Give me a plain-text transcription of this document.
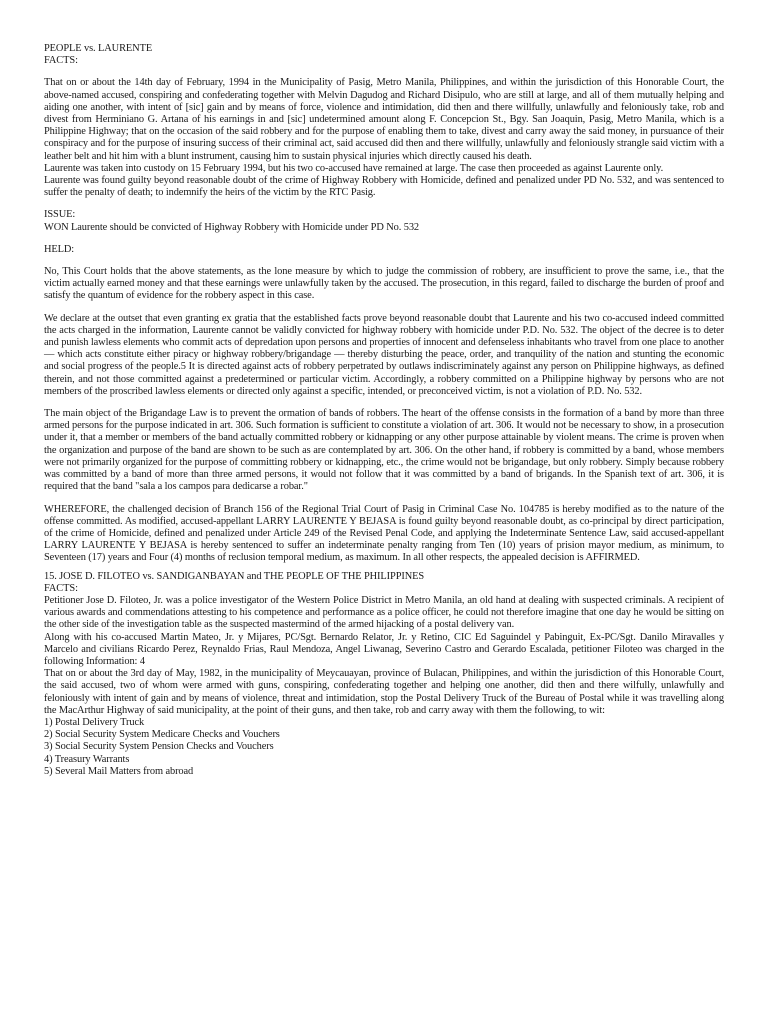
PEOPLE vs. LAURENTE
FACTS:
That on or about the 14th day of February, 1994 in the Municipality of Pasig, Metro Manila, Philippines, and within the jurisdiction of this Honorable Court, the above-named accused, conspiring and confederating together with Melvin Dagudog and Richard Disipulo, who are still at large, and all of them mutually helping and aiding one another, with intent of [sic] gain and by means of force, violence and intimidation, did then and there willfully, unlawfully and feloniously take, rob and divest from Herminiano G. Artana of his earnings in and [sic] undetermined amount along F. Concepcion St., Bgy. San Joaquin, Pasig, Metro Manila, which is a Philippine Highway; that on the occasion of the said robbery and for the purpose of enabling them to take, divest and carry away the said money, in pursuance of their conspiracy and for the purpose of insuring success of their criminal act, said accused did then and there willfully, unlawfully and feloniously strangle said victim with a leather belt and hit him with a blunt instrument, causing him to sustain physical injuries which directly caused his death.
Laurente was taken into custody on 15 February 1994, but his two co-accused have remained at large. The case then proceeded as against Laurente only.
Laurente was found guilty beyond reasonable doubt of the crime of Highway Robbery with Homicide, defined and penalized under PD No. 532, and was sentenced to suffer the penalty of death; to indemnify the heirs of the victim by the RTC Pasig.
ISSUE:
WON Laurente should be convicted of Highway Robbery with Homicide under PD No. 532
HELD:
No, This Court holds that the above statements, as the lone measure by which to judge the commission of robbery, are insufficient to prove the same, i.e., that the victim actually earned money and that these earnings were unlawfully taken by the accused. The prosecution, in this regard, failed to discharge the burden of proof and satisfy the quantum of evidence for the robbery aspect in this case.
We declare at the outset that even granting ex gratia that the established facts prove beyond reasonable doubt that Laurente and his two co-accused indeed committed the acts charged in the information, Laurente cannot be validly convicted for highway robbery with homicide under P.D. No. 532. The object of the decree is to deter and punish lawless elements who commit acts of depredation upon persons and properties of innocent and defenseless inhabitants who travel from one place to another — which acts constitute either piracy or highway robbery/brigandage — thereby disturbing the peace, order, and tranquility of the nation and stunting the economic and social progress of the people.5 It is directed against acts of robbery perpetrated by outlaws indiscriminately against any person on Philippine highways, as defined therein, and not those committed against a predetermined or particular victim. Accordingly, a robbery committed on a Philippine highway by persons who are not members of the proscribed lawless elements or directed only against a specific, intended, or preconceived victim, is not a violation of P.D. No. 532.
The main object of the Brigandage Law is to prevent the ormation of bands of robbers. The heart of the offense consists in the formation of a band by more than three armed persons for the purpose indicated in art. 306. Such formation is sufficient to constitute a violation of art. 306. It would not be necessary to show, in a prosecution under it, that a member or members of the band actually committed robbery or kidnapping or any other purpose attainable by violent means. The crime is proven when the organization and purpose of the band are shown to be such as are contemplated by art. 306. On the other hand, if robbery is committed by a band, whose members were not primarily organized for the purpose of committing robbery or kidnapping, etc., the crime would not be brigandage, but only robbery. Simply because robbery was committed by a band of more than three armed persons, it would not follow that it was committed by a band of brigands. In the Spanish text of art. 306, it is required that the band "sala a los campos para dedicarse a robar."
WHEREFORE, the challenged decision of Branch 156 of the Regional Trial Court of Pasig in Criminal Case No. 104785 is hereby modified as to the nature of the offense committed. As modified, accused-appellant LARRY LAURENTE Y BEJASA is found guilty beyond reasonable doubt, as co-principal by direct participation, of the crime of Homicide, defined and penalized under Article 249 of the Revised Penal Code, and applying the Indeterminate Sentence Law, said accused-appellant LARRY LAURENTE Y BEJASA is hereby sentenced to suffer an indeterminate penalty ranging from Ten (10) years of prision mayor medium, as minimum, to Seventeen (17) years and Four (4) months of reclusion temporal medium, as maximum. In all other respects, the appealed decision is AFFIRMED.
15. JOSE D. FILOTEO vs. SANDIGANBAYAN and THE PEOPLE OF THE PHILIPPINES
FACTS:
Petitioner Jose D. Filoteo, Jr. was a police investigator of the Western Police District in Metro Manila, an old hand at dealing with suspected criminals. A recipient of various awards and commendations attesting to his competence and performance as a police officer, he could not therefore imagine that one day he would be sitting on the other side of the investigation table as the suspected mastermind of the armed hijacking of a postal delivery van.
Along with his co-accused Martin Mateo, Jr. y Mijares, PC/Sgt. Bernardo Relator, Jr. y Retino, CIC Ed Saguindel y Pabinguit, Ex-PC/Sgt. Danilo Miravalles y Marcelo and civilians Ricardo Perez, Reynaldo Frias, Raul Mendoza, Angel Liwanag, Severino Castro and Gerardo Escalada, petitioner Filoteo was charged in the following Information: 4
That on or about the 3rd day of May, 1982, in the municipality of Meycauayan, province of Bulacan, Philippines, and within the jurisdiction of this Honorable Court, the said accused, two of whom were armed with guns, conspiring, confederating together and helping one another, did then and there wilfully, unlawfully and feloniously with intent of gain and by means of violence, threat and intimidation, stop the Postal Delivery Truck of the Bureau of Postal while it was travelling along the MacArthur Highway of said municipality, at the point of their guns, and then take, rob and carry away with them the following, to wit:
1) Postal Delivery Truck
2) Social Security System Medicare Checks and Vouchers
3) Social Security System Pension Checks and Vouchers
4) Treasury Warrants
5) Several Mail Matters from abroad
